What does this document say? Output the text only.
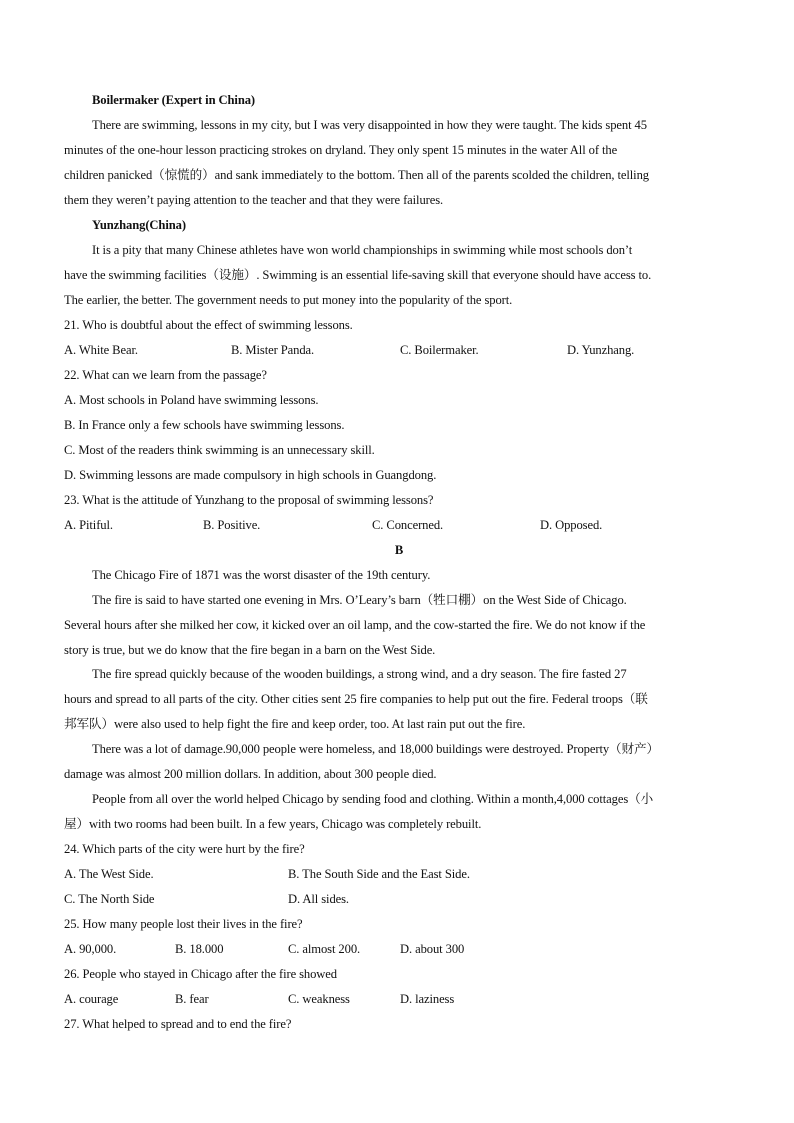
Boilermaker (Expert in China)
There are swimming, lessons in my city, but I was very disappointed in how they were taught. The kids spent 45
minutes of the one-hour lesson practicing strokes on dryland. They only spent 15 minutes in the water All of the
children panicked（惊慌的）and sank immediately to the bottom. Then all of the parents scolded the children, telling
them they weren’t paying attention to the teacher and that they were failures.
Yunzhang(China)
It is a pity that many Chinese athletes have won world championships in swimming while most schools don’t
have the swimming facilities（设施）. Swimming is an essential life-saving skill that everyone should have access to.
The earlier, the better. The government needs to put money into the popularity of the sport.
21. Who is doubtful about the effect of swimming lessons.
A. White Bear.	B. Mister Panda.	C. Boilermaker.	D. Yunzhang.
22. What can we learn from the passage?
A. Most schools in Poland have swimming lessons.
B. In France only a few schools have swimming lessons.
C. Most of the readers think swimming is an unnecessary skill.
D. Swimming lessons are made compulsory in high schools in Guangdong.
23. What is the attitude of Yunzhang to the proposal of swimming lessons?
A. Pitiful.	B. Positive.	C. Concerned.	D. Opposed.
B
The Chicago Fire of 1871 was the worst disaster of the 19th century.
The fire is said to have started one evening in Mrs. O’Leary’s barn（牲口棚）on the West Side of Chicago.
Several hours after she milked her cow, it kicked over an oil lamp, and the cow-started the fire. We do not know if the
story is true, but we do know that the fire began in a barn on the West Side.
The fire spread quickly because of the wooden buildings, a strong wind, and a dry season. The fire fasted 27
hours and spread to all parts of the city. Other cities sent 25 fire companies to help put out the fire. Federal troops（联
邦军队）were also used to help fight the fire and keep order, too. At last rain put out the fire.
There was a lot of damage.90,000 people were homeless, and 18,000 buildings were destroyed. Property（财产）
damage was almost 200 million dollars. In addition, about 300 people died.
People from all over the world helped Chicago by sending food and clothing. Within a month,4,000 cottages（小
屋）with two rooms had been built. In a few years, Chicago was completely rebuilt.
24. Which parts of the city were hurt by the fire?
A. The West Side.	B. The South Side and the East Side.
C. The North Side	D. All sides.
25. How many people lost their lives in the fire?
A. 90,000.	B. 18.000	C. almost 200.	D. about 300
26. People who stayed in Chicago after the fire showed
A. courage	B. fear	C. weakness	D. laziness
27. What helped to spread and to end the fire?
